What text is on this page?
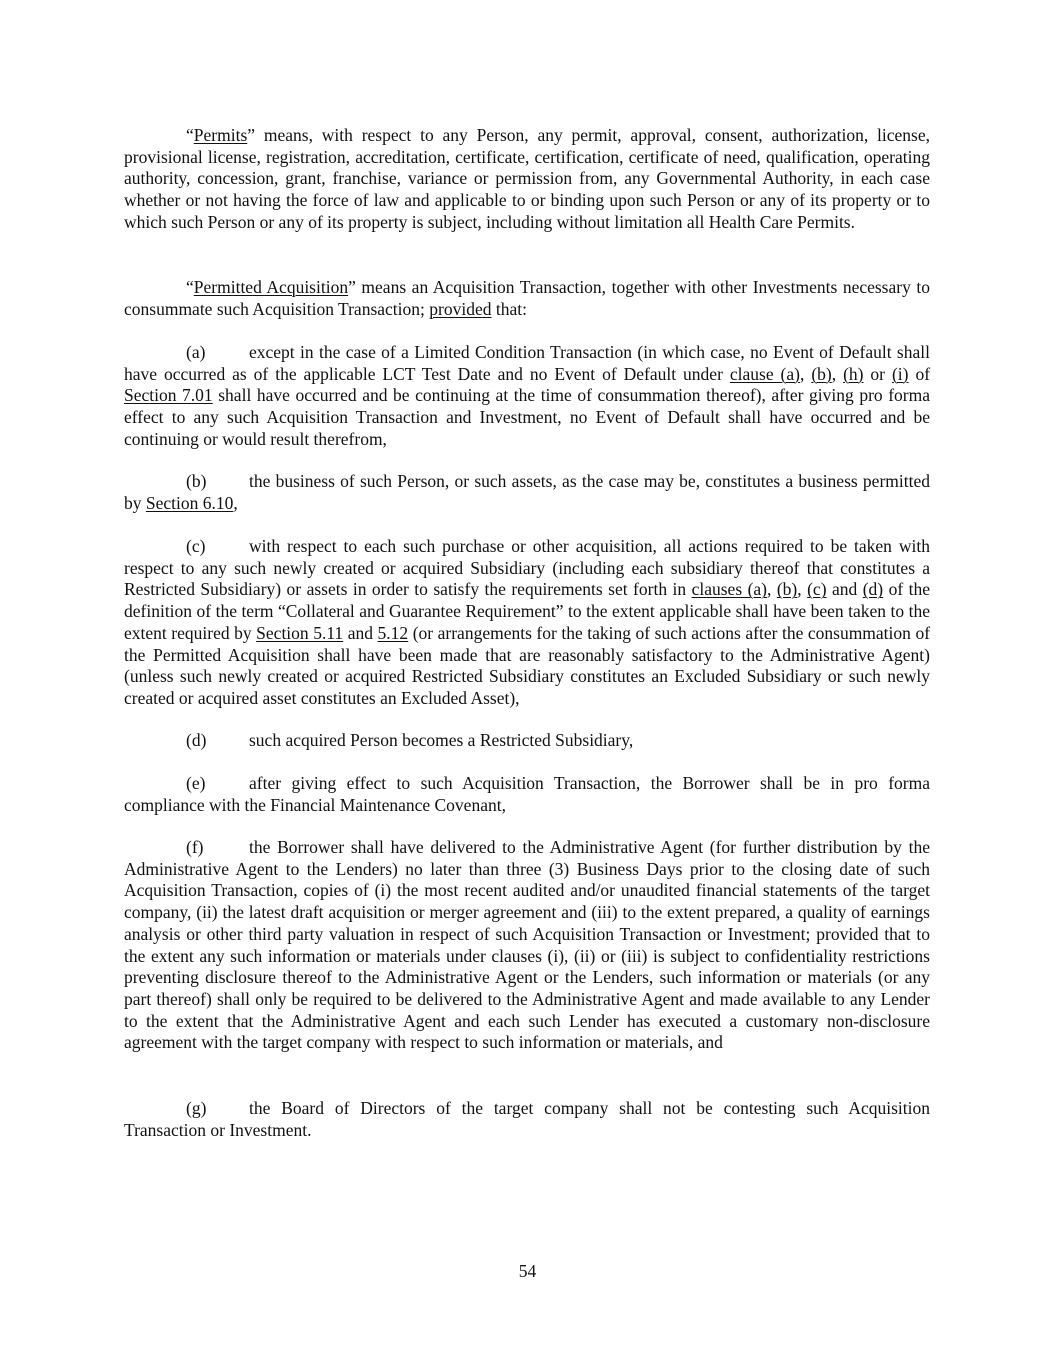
“Permits” means, with respect to any Person, any permit, approval, consent, authorization, license, provisional license, registration, accreditation, certificate, certification, certificate of need, qualification, operating authority, concession, grant, franchise, variance or permission from, any Governmental Authority, in each case whether or not having the force of law and applicable to or binding upon such Person or any of its property or to which such Person or any of its property is subject, including without limitation all Health Care Permits.

“Permitted Acquisition” means an Acquisition Transaction, together with other Investments necessary to consummate such Acquisition Transaction; provided that:

(a) except in the case of a Limited Condition Transaction (in which case, no Event of Default shall have occurred as of the applicable LCT Test Date and no Event of Default under clause (a), (b), (h) or (i) of Section 7.01 shall have occurred and be continuing at the time of consummation thereof), after giving pro forma effect to any such Acquisition Transaction and Investment, no Event of Default shall have occurred and be continuing or would result therefrom,

(b) the business of such Person, or such assets, as the case may be, constitutes a business permitted by Section 6.10,

(c) with respect to each such purchase or other acquisition, all actions required to be taken with respect to any such newly created or acquired Subsidiary (including each subsidiary thereof that constitutes a Restricted Subsidiary) or assets in order to satisfy the requirements set forth in clauses (a), (b), (c) and (d) of the definition of the term “Collateral and Guarantee Requirement” to the extent applicable shall have been taken to the extent required by Section 5.11 and 5.12 (or arrangements for the taking of such actions after the consummation of the Permitted Acquisition shall have been made that are reasonably satisfactory to the Administrative Agent) (unless such newly created or acquired Restricted Subsidiary constitutes an Excluded Subsidiary or such newly created or acquired asset constitutes an Excluded Asset),

(d) such acquired Person becomes a Restricted Subsidiary,

(e) after giving effect to such Acquisition Transaction, the Borrower shall be in pro forma compliance with the Financial Maintenance Covenant,

(f)	the Borrower shall have delivered to the Administrative Agent (for further distribution by the Administrative Agent to the Lenders) no later than three (3) Business Days prior to the closing date of such Acquisition Transaction, copies of (i) the most recent audited and/or unaudited financial statements of the target company, (ii) the latest draft acquisition or merger agreement and (iii) to the extent prepared, a quality of earnings analysis or other third party valuation in respect of such Acquisition Transaction or Investment; provided that to the extent any such information or materials under clauses (i), (ii) or (iii) is subject to confidentiality restrictions preventing disclosure thereof to the Administrative Agent or the Lenders, such information or materials (or any part thereof) shall only be required to be delivered to the Administrative Agent and made available to any Lender to the extent that the Administrative Agent and each such Lender has executed a customary non-disclosure agreement with the target company with respect to such information or materials, and

(g) the Board of Directors of the target company shall not be contesting such Acquisition Transaction or Investment.

54
